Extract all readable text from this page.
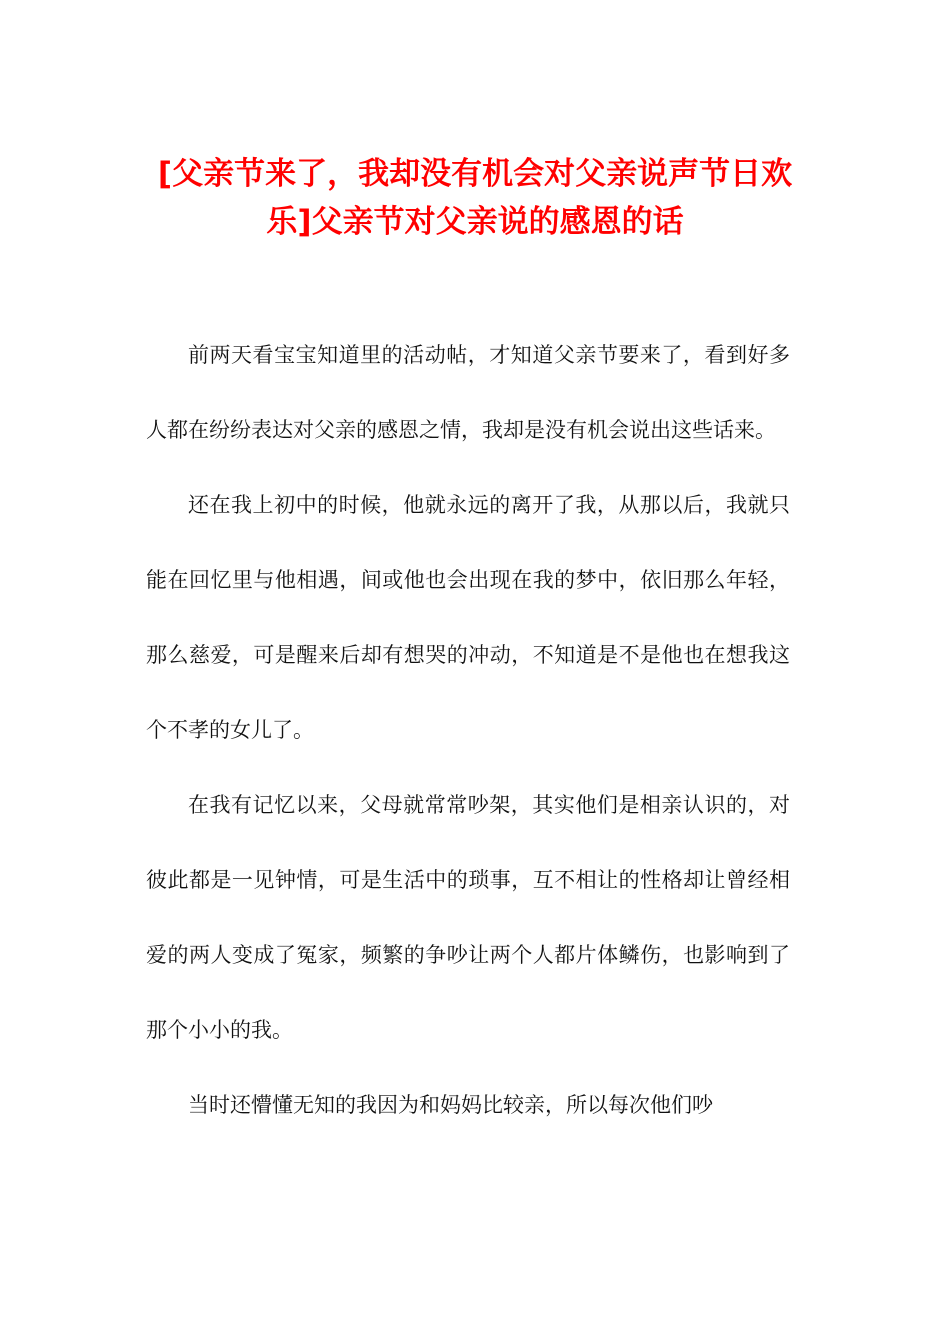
[父亲节来了，我却没有机会对父亲说声节日欢乐]父亲节对父亲说的感恩的话

前两天看宝宝知道里的活动帖，才知道父亲节要来了，看到好多人都在纷纷表达对父亲的感恩之情，我却是没有机会说出这些话来。

还在我上初中的时候，他就永远的离开了我，从那以后，我就只能在回忆里与他相遇，间或他也会出现在我的梦中，依旧那么年轻，那么慈爱，可是醒来后却有想哭的冲动，不知道是不是他也在想我这个不孝的女儿了。

在我有记忆以来，父母就常常吵架，其实他们是相亲认识的，对彼此都是一见钟情，可是生活中的琐事，互不相让的性格却让曾经相爱的两人变成了冤家，频繁的争吵让两个人都片体鳞伤，也影响到了那个小小的我。

当时还懵懂无知的我因为和妈妈比较亲，所以每次他们吵
